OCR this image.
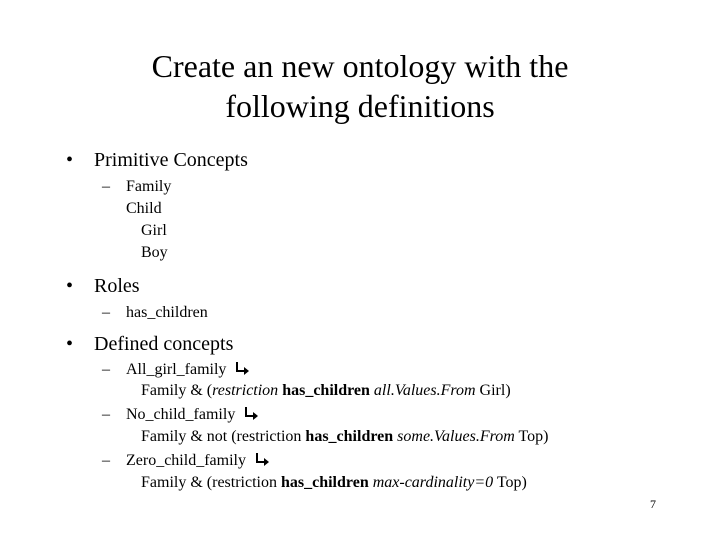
Create an new ontology with the
following definitions
• Primitive Concepts
– Family
Child
Girl
Boy
• Roles
– has_children
• Defined concepts
– All_girl_family
Family & (restriction has_children all.Values.From Girl)
– No_child_family
Family & not (restriction has_children some.Values.From Top)
– Zero_child_family
Family & (restriction has_children max-cardinality=0 Top)
7
